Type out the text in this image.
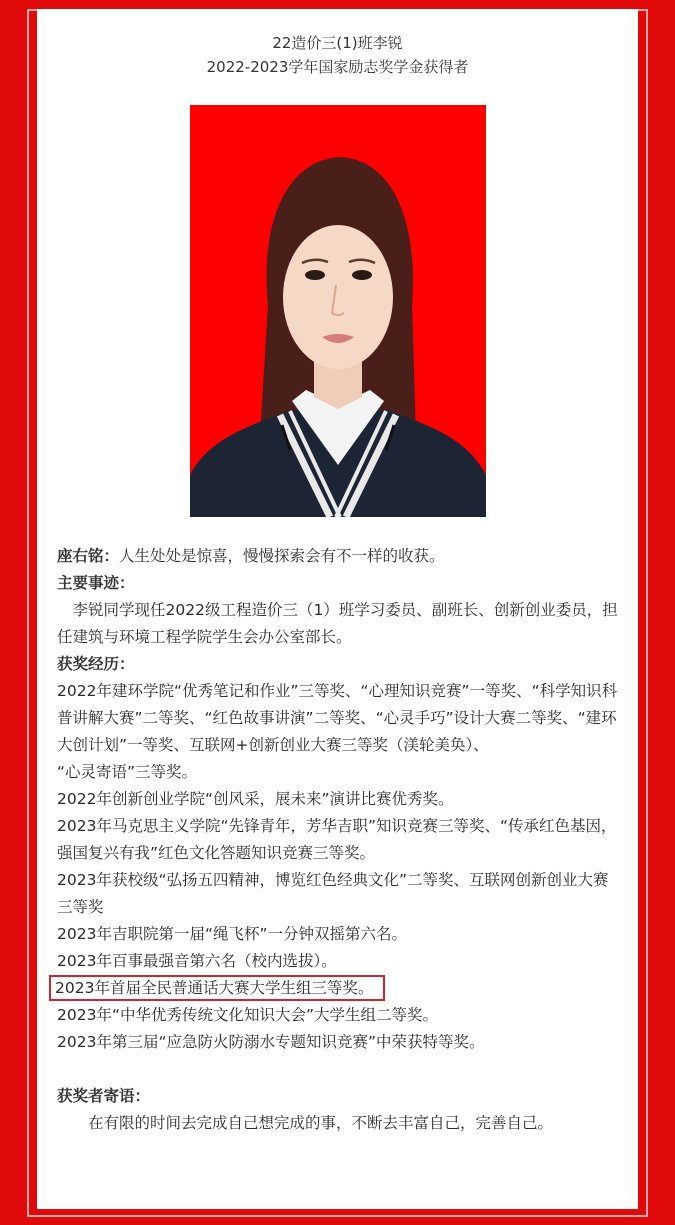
22造价三(1)班李锐
2022-2023学年国家励志奖学金获得者

座右铭：人生处处是惊喜，慢慢探索会有不一样的收获。

主要事迹：

李锐同学现任2022级工程造价三（1）班学习委员、副班长、创新创业委员，担任建筑与环境工程学院学生会办公室部长。

获奖经历：

2022年建环学院“优秀笔记和作业”三等奖、“心理知识竞赛”一等奖、“科学知识科普讲解大赛”二等奖、“红色故事讲演”二等奖、“心灵手巧”设计大赛二等奖、“建环大创计划”一等奖、互联网+创新创业大赛三等奖（渼轮美奂）、

“心灵寄语”三等奖。

2022年创新创业学院“创风采，展未来”演讲比赛优秀奖。

2023年马克思主义学院“先锋青年，芳华吉职”知识竞赛三等奖、“传承红色基因，强国复兴有我”红色文化答题知识竞赛三等奖。

2023年获校级“弘扬五四精神，博览红色经典文化”二等奖、互联网创新创业大赛三等奖

2023年吉职院第一届“绳飞杯”一分钟双摇第六名。

2023年百事最强音第六名（校内选拔）。

2023年首届全民普通话大赛大学生组三等奖。

2023年“中华优秀传统文化知识大会”大学生组二等奖。

2023年第三届“应急防火防溺水专题知识竞赛”中荣获特等奖。

获奖者寄语：

在有限的时间去完成自己想完成的事，不断去丰富自己，完善自己。
